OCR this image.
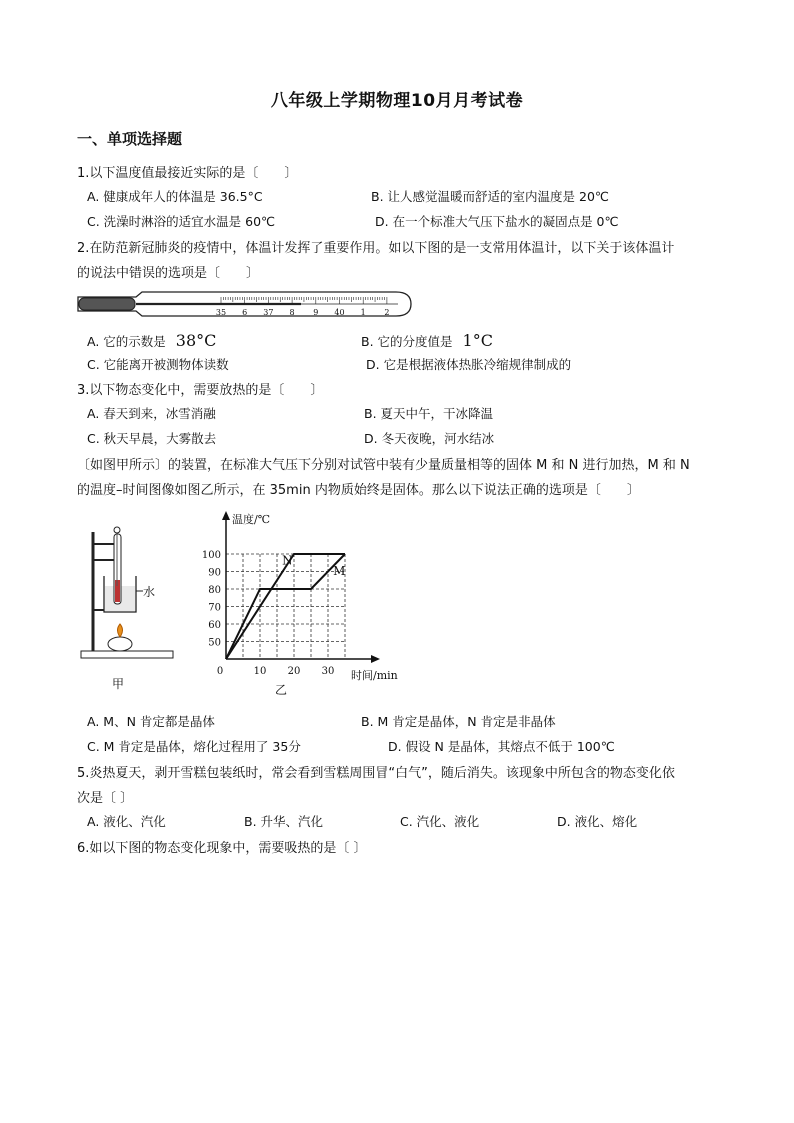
八年级上学期物理10月月考试卷
一、单项选择题
1.以下温度值最接近实际的是〔　　〕
A. 健康成年人的体温是 36.5°C	B. 让人感觉温暖而舒适的室内温度是 20℃
C. 洗澡时淋浴的适宜水温是 60℃	D. 在一个标准大气压下盐水的凝固点是 0℃
2.在防范新冠肺炎的疫情中，体温计发挥了重要作用。如以下图的是一支常用体温计，以下关于该体温计
的说法中错误的选项是〔　　〕
35 6 37 8 9 40 1 2
A. 它的示数是 38°C	B. 它的分度值是 1°C
C. 它能离开被测物体读数	D. 它是根据液体热胀冷缩规律制成的
3.以下物态变化中，需要放热的是〔　　〕
A. 春天到来，冰雪消融	B. 夏天中午，干冰降温
C. 秋天早晨，大雾散去	D. 冬天夜晚，河水结冰
〔如图甲所示〕的装置，在标准大气压下分别对试管中装有少量质量相等的固体 M 和 N 进行加热，M 和 N
的温度–时间图像如图乙所示，在 35min 内物质始终是固体。那么以下说法正确的选项是〔　　〕
水
甲
50
60
70
80
90
100
0	10 20 30
温度/℃
时间/min
乙
M
N
A. M、N 肯定都是晶体	B. M 肯定是晶体，N 肯定是非晶体
C. M 肯定是晶体，熔化过程用了 35分	D. 假设 N 是晶体，其熔点不低于 100℃
5.炎热夏天，剥开雪糕包装纸时，常会看到雪糕周围冒“白气”，随后消失。该现象中所包含的物态变化依
次是〔 〕
A. 液化、汽化	B. 升华、汽化	C. 汽化、液化	D. 液化、熔化
6.如以下图的物态变化现象中，需要吸热的是〔 〕
